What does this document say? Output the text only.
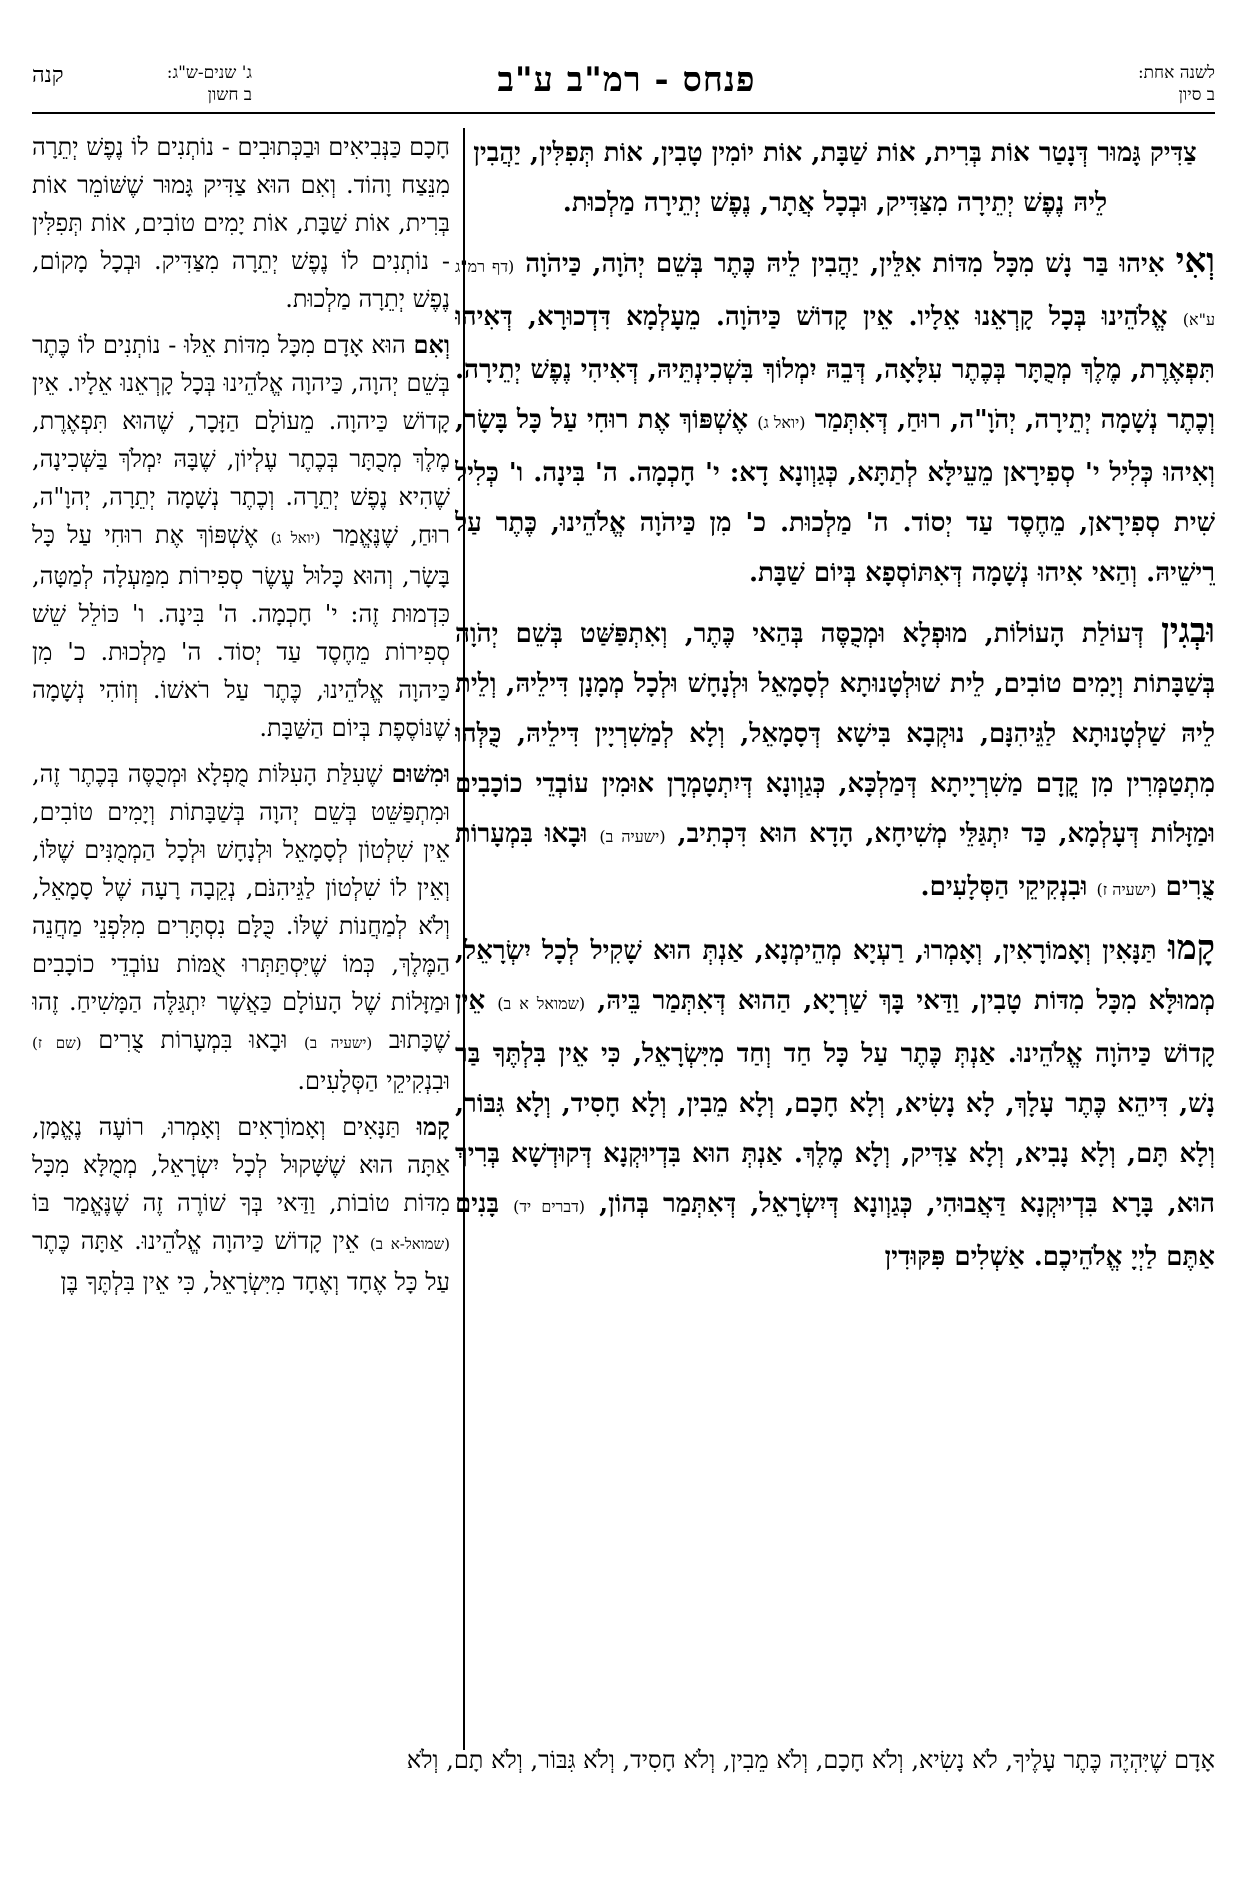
לשנה אחת:
ב סיון
פנחס - רמ"ב ע"ב
ג' שנים-ש"ג:
ב חשון
קנה

צַדִּיק גָּמוּר דְּנָטַר אוֹת בְּרִית, אוֹת שַׁבָּת, אוֹת יוֹמִין טָבִין, אוֹת תְּפִלִּין, יַהֲבִין לֵיהּ נֶפֶשׁ יְתֵירָה מִצַּדִּיק, וּבְכָל אֲתָר, נֶפֶשׁ יְתֵירָה מַלְכוּת.

וְאִי אִיהוּ בַּר נָשׁ מִכָּל מִדּוֹת אִלֵּין, יַהֲבִין לֵיהּ כֶּתֶר בְּשֵׁם יְהֹוָה, כַּיהֹוָה (דף רמ"ג ע"א) אֱלֹהֵינוּ בְּכָל קָרְאֵנוּ אֵלָיו. אֵין קָדוֹשׁ כַּיהֹוָה. מֵעָלְמָא דִּדְכוּרָא, דְּאִיהוּ תִּפְאֶרֶת, מֶלֶךְ מְכֻתָּר בְּכֶתֶר עִלָּאָה, דְּבֵהּ יִמְלוֹךְ בִּשְׁכִינְתֵּיהּ, דְּאִיהִי נֶפֶשׁ יְתֵירָה. וְכֶתֶר נְשָׁמָה יְתֵירָה, יְהֹוָ"ה, רוּחַ, דְּאִתְּמַר (יואל ג) אֶשְׁפּוֹךְ אֶת רוּחִי עַל כָּל בָּשָׂר, וְאִיהוּ כְּלִיל י' סְפִירָאן מֵעֵילָּא לְתַתָּא, כְּגַוְונָא דָא: י' חָכְמָה. ה' בִּינָה. ו' כְּלִיל שִׁית סְפִירָאן, מֵחֶסֶד עַד יְסוֹד. ה' מַלְכוּת. כ' מִן כַּיהֹוָה אֱלֹהֵינוּ, כֶּתֶר עַל רֵישֵׁיהּ. וְהַאי אִיהוּ נְשָׁמָה דְּאִתּוֹסְפָא בְּיוֹם שַׁבָּת.

וּבְגִין דְּעוֹלַת הָעוֹלוֹת, מוּפְלָא וּמְכֻסֶּה בְּהַאי כֶּתֶר, וְאִתְפַּשַּׁט בְּשֵׁם יְהֹוָה בְּשַׁבָּתוֹת וְיָמִים טוֹבִים, לֵית שׁוּלְטָנוּתָא לְסָמָאֵל וּלְנָחָשׁ וּלְכָל מְמָנָן דִּילֵיהּ, וְלֵית לֵיהּ שַׁלְטָנוּתָא לַגֵּיהִנָּם, נוּקְבָא בִּישָׁא דְּסָמָאֵל, וְלָא לְמַשִׁרְיָין דִּילֵיהּ, כֻּלְּהוּ מִתְטַמְּרִין מִן קֳדָם מַשִׁרְיָיתָא דְּמַלְכָּא, כְּגַוְונָא דְּיִתְטָמְרָן אוּמִין עוֹבְדֵי כוֹכָבִים וּמַזָּלוֹת דְּעָלְמָא, כַּד יִתְגַּלֵּי מְשִׁיחָא, הָדָא הוּא דִּכְתִיב, (ישעיה ב) וּבָאוּ בִּמְעָרוֹת צֻרִים (ישעיה ז) וּבִנְקִיקֵי הַסְּלָעִים.

קָמוּ תַּנָּאִין וְאָמוֹרָאִין, וְאָמְרוּ, רַעְיָא מְהֵימְנָא, אַנְתְּ הוּא שָׁקִיל לְכָל יִשְׂרָאֵל, מְמוּלָּא מִכָּל מִדּוֹת טָבִין, וַדַּאי בָּךְ שַׁרְיָא, הַהוּא דְּאִתְּמַר בֵּיהּ, (שמואל א ב) אֵין קָדוֹשׁ כַּיהֹוָה אֱלֹהֵינוּ. אַנְתְּ כֶּתֶר עַל כָּל חַד וְחַד מִיִּשְׂרָאֵל, כִּי אֵין בִּלְתֶּךָ בַּר נָשׁ, דִּיהֵא כֶּתֶר עָלָךְ, לָא נָשִׂיא, וְלָא חָכָם, וְלָא מֵבִין, וְלָא חָסִיד, וְלָא גִּבּוֹר, וְלָא תָּם, וְלָא נָבִיא, וְלָא צַדִּיק, וְלָא מֶלֶךְ. אַנְתְּ הוּא בִּדְיוּקְנָא דְּקוּדְשָׁא בְּרִיךְ הוּא, בָּרָא בִּדְיוּקְנָא דַּאֲבוּהִי, כְּגַוְונָא דְּיִשְׂרָאֵל, דְּאִתְּמַר בְּהוֹן, (דברים יד) בָּנִים אַתֶּם לַיְיָ אֱלֹהֵיכֶם. אַשְׁלִים פִּקּוּדִין

חָכָם כַּנְּבִיאִים וּבַכְּתוּבִים - נוֹתְנִים לוֹ נֶפֶשׁ יְתֵרָה מִנֵּצַח וָהוֹד. וְאִם הוּא צַדִּיק גָּמוּר שֶׁשּׁוֹמֵר אוֹת בְּרִית, אוֹת שַׁבָּת, אוֹת יָמִים טוֹבִים, אוֹת תְּפִלִּין - נוֹתְנִים לוֹ נֶפֶשׁ יְתֵרָה מִצַּדִּיק. וּבְכָל מָקוֹם, נֶפֶשׁ יְתֵרָה מַלְכוּת.

וְאִם הוּא אָדָם מִכָּל מִדּוֹת אֵלּוּ - נוֹתְנִים לוֹ כֶּתֶר בְּשֵׁם יְהוָה, כַּיהוָה אֱלֹהֵינוּ בְּכָל קָרְאֵנוּ אֵלָיו. אֵין קָדוֹשׁ כַּיהוָה. מֵעוֹלָם הַזָּכָר, שֶׁהוּא תִּפְאֶרֶת, מֶלֶךְ מְכֻתָּר בְּכֶתֶר עֶלְיוֹן, שֶׁבָּהּ יִמְלֹךְ בַּשְּׁכִינָה, שֶׁהִיא נֶפֶשׁ יְתֵרָה. וְכֶתֶר נְשָׁמָה יְתֵרָה, יְהוָ"ה, רוּחַ, שֶׁנֶּאֱמַר (יואל ג) אֶשְׁפּוֹךְ אֶת רוּחִי עַל כָּל בָּשָׂר, וְהוּא כָּלוּל עֶשֶׂר סְפִירוֹת מִמַּעְלָה לְמַטָּה, כִּדְמוּת זֶה: י' חָכְמָה. ה' בִּינָה. ו' כּוֹלֵל שֵׁשׁ סְפִירוֹת מֵחֶסֶד עַד יְסוֹד. ה' מַלְכוּת. כ' מִן כַּיהוָה אֱלֹהֵינוּ, כֶּתֶר עַל רֹאשׁוֹ. וְזוֹהִי נְשָׁמָה שֶׁנּוֹסֶפֶת בְּיוֹם הַשַּׁבָּת.

וּמִשּׁוּם שֶׁעִלַּת הָעִלּוֹת מֻפְלָא וּמְכֻסֶּה בְּכֶתֶר זֶה, וּמִתְפַּשֵּׁט בְּשֵׁם יְהוָה בְּשַׁבָּתוֹת וְיָמִים טוֹבִים, אֵין שִׁלְטוֹן לְסָמָאֵל וּלְנָחָשׁ וּלְכָל הַמְמֻנִּים שֶׁלּוֹ, וְאֵין לוֹ שִׁלְטוֹן לַגֵּיהִנֹּם, נְקֵבָה רָעָה שֶׁל סָמָאֵל, וְלֹא לְמַחֲנוֹת שֶׁלּוֹ. כֻּלָּם נִסְתָּרִים מִלִּפְנֵי מַחֲנֵה הַמֶּלֶךְ, כְּמוֹ שֶׁיִּסְתַּתְּרוּ אֻמּוֹת עוֹבְדֵי כוֹכָבִים וּמַזָּלוֹת שֶׁל הָעוֹלָם כַּאֲשֶׁר יִתְגַּלֶּה הַמָּשִׁיחַ. זֶהוּ שֶׁכָּתוּב (ישעיה ב) וּבָאוּ בִּמְעָרוֹת צֻרִים (שם ז) וּבִנְקִיקֵי הַסְּלָעִים.

קָמוּ תַּנָּאִים וְאָמוֹרָאִים וְאָמְרוּ, רוֹעֶה נֶאֱמָן, אַתָּה הוּא שֶׁשָּׁקוּל לְכָל יִשְׂרָאֵל, מְמֻלָּא מִכָּל מִדּוֹת טוֹבוֹת, וַדַּאי בְּךָ שׁוֹרֶה זֶה שֶׁנֶּאֱמַר בּוֹ (שמואל-א ב) אֵין קָדוֹשׁ כַּיהוָה אֱלֹהֵינוּ. אַתָּה כֶּתֶר עַל כָּל אֶחָד וְאֶחָד מִיִּשְׂרָאֵל, כִּי אֵין בִּלְתֶּךָ בֶּן

אָדָם שֶׁיִּהְיֶה כֶּתֶר עָלֶיךָ, לֹא נָשִׂיא, וְלֹא חָכָם, וְלֹא מֵבִין, וְלֹא חָסִיד, וְלֹא גִּבּוֹר, וְלֹא תָם, וְלֹא
